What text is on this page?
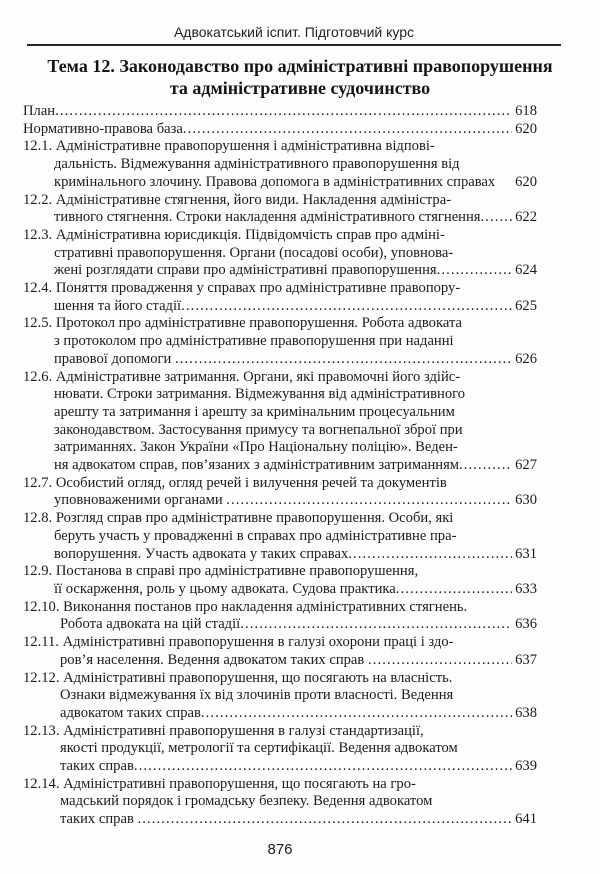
Адвокатський іспит. Підготовчий курс
Тема 12. Законодавство про адміністративні правопорушення
та адміністративне судочинство
План .....	618
Нормативно-правова база .....	620
12.1. Адміністративне правопорушення і адміністративна відпові-
дальність. Відмежування адміністративного правопорушення від
кримінального злочину. Правова допомога в адміністративних справах 620
12.2. Адміністративне стягнення, його види. Накладення адміністра-
тивного стягнення. Строки накладення адміністративного стягнення ..... 622
12.3. Адміністративна юрисдикція. Підвідомчість справ про адміні-
стративні правопорушення. Органи (посадові особи), уповнова-
жені розглядати справи про адміністративні правопорушення .....	624
12.4. Поняття провадження у справах про адміністративне правопору-
шення та його стадії .....	625
12.5. Протокол про адміністративне правопорушення. Робота адвоката
з протоколом про адміністративне правопорушення при наданні
правової допомоги .....	626
12.6. Адміністративне затримання. Органи, які правомочні його здійс-
нювати. Строки затримання. Відмежування від адміністративного
арешту та затримання і арешту за кримінальним процесуальним
законодавством. Застосування примусу та вогнепальної зброї при
затриманнях. Закон України «Про Національну поліцію». Веден-
ня адвокатом справ, пов’язаних з адміністративним затриманням .....	627
12.7. Особистий огляд, огляд речей і вилучення речей та документів
уповноваженими органами .....	630
12.8. Розгляд справ про адміністративне правопорушення. Особи, які
беруть участь у провадженні в справах про адміністративне пра-
вопорушення. Участь адвоката у таких справах .....	631
12.9. Постанова в справі про адміністративне правопорушення,
її оскарження, роль у цьому адвоката. Судова практика .....	633
12.10. Виконання постанов про накладення адміністративних стягнень.
Робота адвоката на цій стадії .....	636
12.11. Адміністративні правопорушення в галузі охорони праці і здо-
ров’я населення. Ведення адвокатом таких справ .....	637
12.12. Адміністративні правопорушення, що посягають на власність.
Ознаки відмежування їх від злочинів проти власності. Ведення
адвокатом таких справ .....	638
12.13. Адміністративні правопорушення в галузі стандартизації,
якості продукції, метрології та сертифікації. Ведення адвокатом
таких справ .....	639
12.14. Адміністративні правопорушення, що посягають на гро-
мадський порядок і громадську безпеку. Ведення адвокатом
таких справ .....	641
876
